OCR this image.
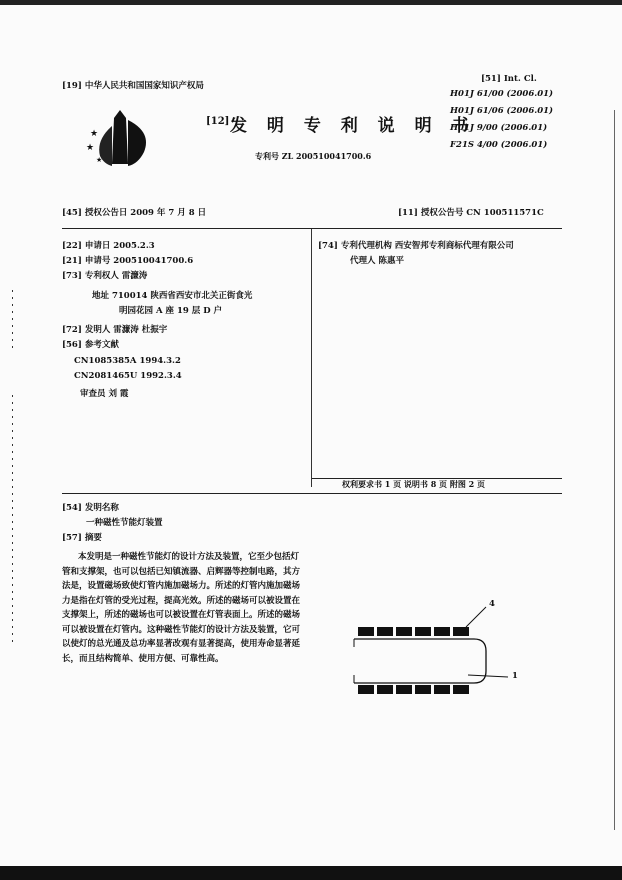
[19] 中华人民共和国国家知识产权局
★
★
★
[12] 发 明 专 利 说 明 书
专利号 ZL 200510041700.6
[51] Int. Cl.
H01J 61/00 (2006.01)
H01J 61/06 (2006.01)
H01J 9/00 (2006.01)
F21S 4/00 (2006.01)
[45] 授权公告日 2009 年 7 月 8 日	[11] 授权公告号 CN 100511571C
[22] 申请日 2005.2.3
[21] 申请号 200510041700.6
[73] 专利权人 雷濂涛
地址 710014 陕西省西安市北关正街食光
明园花园 A 座 19 层 D 户
[72] 发明人 雷濂涛 杜振宇
[56] 参考文献
CN1085385A 1994.3.2
CN2081465U 1992.3.4
审查员 刘 霞
[74] 专利代理机构 西安智邦专利商标代理有限公司
代理人 陈惠平
权利要求书 1 页 说明书 8 页 附图 2 页
[54] 发明名称
一种磁性节能灯装置
[57] 摘要
本发明是一种磁性节能灯的设计方法及装置，它至少包括灯管和支撑架，也可以包括已知镇流器、启辉器等控制电路，其方法是，设置磁场致使灯管内施加磁场力。所述的灯管内施加磁场力是指在灯管的受光过程，提高光效。所述的磁场可以被设置在支撑架上，所述的磁场也可以被设置在灯管表面上。所述的磁场可以被设置在灯管内。这种磁性节能灯的设计方法及装置，它可以使灯的总光通及总功率显著改观有显著提高，使用寿命显著延长，而且结构简单、使用方便、可靠性高。
4
1
